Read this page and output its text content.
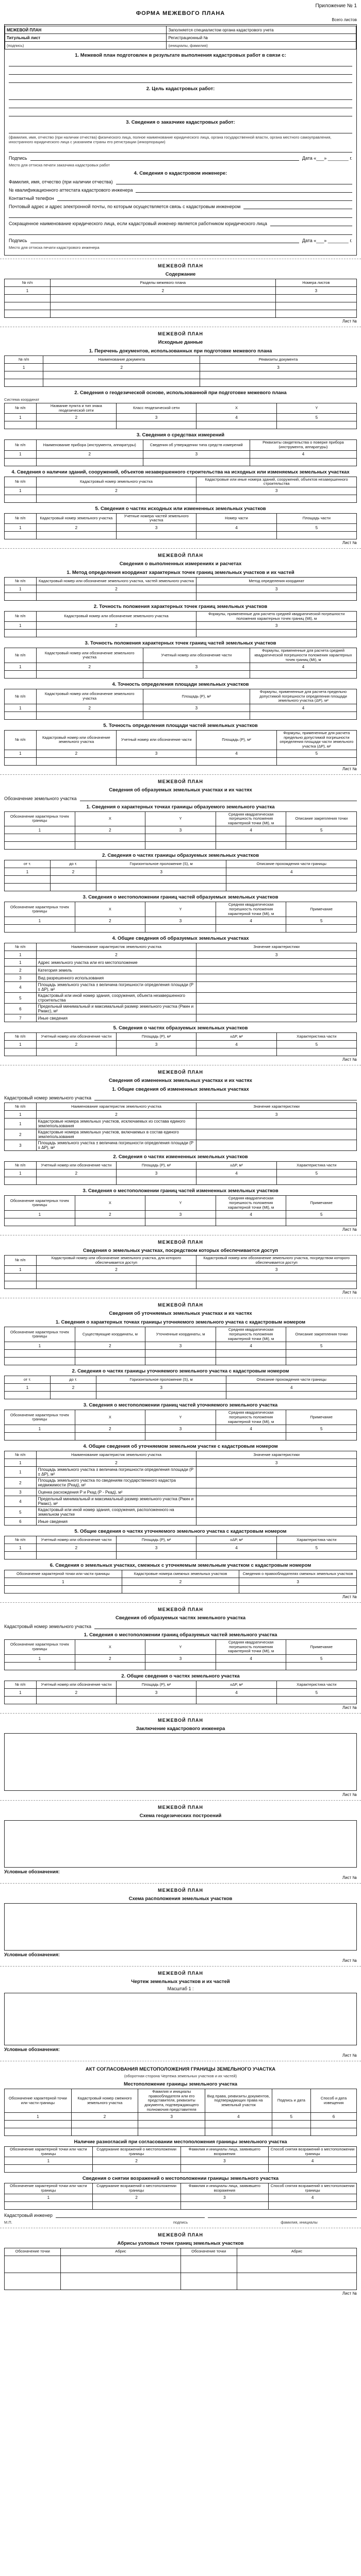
Приложение № 1
ФОРМА МЕЖЕВОГО ПЛАНА
Всего листов
МЕЖЕВОЙ ПЛАН	Заполняется специалистом органа кадастрового учета
Титульный лист	Регистрационный №
(подпись)	(инициалы, фамилия)
1. Межевой план подготовлен в результате выполнения кадастровых работ в связи с:
2. Цель кадастровых работ:
3. Сведения о заказчике кадастровых работ:
(фамилия, имя, отчество (при наличии отчества) физического лица, полное наименование юридического лица, органа государственной власти, органа местного самоуправления, иностранного юридического лица с указанием страны его регистрации (инкорпорации)
Подпись	Дата «___» ________ г.
Место для оттиска печати заказчика кадастровых работ
4. Сведения о кадастровом инженере:
Фамилия, имя, отчество (при наличии отчества)
№ квалификационного аттестата кадастрового инженера
Контактный телефон
Почтовый адрес и адрес электронной почты, по которым осуществляется связь с кадастровым инженером
Сокращенное наименование юридического лица, если кадастровый инженер является работником юридического лица
Подпись	Дата «___» ________ г.
Место для оттиска печати кадастрового инженера
МЕЖЕВОЙ ПЛАН
Содержание
№ п/п	Разделы межевого плана	Номера листов
1	2	3

Лист №
МЕЖЕВОЙ ПЛАН
Исходные данные
1. Перечень документов, использованных при подготовке межевого плана
№ п/п	Наименование документа	Реквизиты документа
1	2	3

2. Сведения о геодезической основе, использованной при подготовке межевого плана
Система координат
№ п/п	Название пункта и тип знака геодезической сети	Класс геодезической сети	X	Y
1	2	3	4	5

3. Сведения о средствах измерений
№ п/п	Наименование прибора (инструмента, аппаратуры)	Сведения об утверждении типа средств измерений	Реквизиты свидетельства о поверке прибора (инструмента, аппаратуры)
1	2	3	4

4. Сведения о наличии зданий, сооружений, объектов незавершенного строительства на исходных или изменяемых земельных участках
№ п/п	Кадастровый номер земельного участка	Кадастровые или иные номера зданий, сооружений, объектов незавершенного строительства
1	2	3

5. Сведения о частях исходных или измененных земельных участков
№ п/п	Кадастровый номер земельного участка	Учетные номера частей земельного участка	Номер части	Площадь части
1	2	3	4	5

Лист №
МЕЖЕВОЙ ПЛАН
Сведения о выполненных измерениях и расчетах
1. Метод определения координат характерных точек границ земельных участков и их частей
№ п/п	Кадастровый номер или обозначение земельного участка, частей земельного участка	Метод определения координат
1	2	3

2. Точность положения характерных точек границ земельных участков
№ п/п	Кадастровый номер или обозначение земельного участка	Формулы, примененные для расчета средней квадратической погрешности положения характерных точек границ (Mt), м
1	2	3

3. Точность положения характерных точек границ частей земельных участков
№ п/п	Кадастровый номер или обозначение земельного участка	Учетный номер или обозначение части	Формулы, примененные для расчета средней квадратической погрешности положения характерных точек границ (Mt), м
1	2	3	4

4. Точность определения площади земельных участков
№ п/п	Кадастровый номер или обозначение земельного участка	Площадь (P), м²	Формулы, примененные для расчета предельно допустимой погрешности определения площади земельного участка (ΔP), м²
1	2	3	4

5. Точность определения площади частей земельных участков
№ п/п	Кадастровый номер или обозначение земельного участка	Учетный номер или обозначение части	Площадь (P), м²	Формулы, примененные для расчета предельно допустимой погрешности определения площади части земельного участка (ΔP), м²
1	2	3	4	5

Лист №
МЕЖЕВОЙ ПЛАН
Сведения об образуемых земельных участках и их частях
Обозначение земельного участка
1. Сведения о характерных точках границы образуемого земельного участка
Обозначение характерных точек границы	X	Y	Средняя квадратическая погрешность положения характерной точки (Mt), м	Описание закрепления точки
1	2	3	4	5

2. Сведения о частях границы образуемых земельных участков
от т.	до т.	Горизонтальное проложение (S), м	Описание прохождения части границы
1	2	3	4

3. Сведения о местоположении границ частей образуемых земельных участков
Обозначение характерных точек границы	X	Y	Средняя квадратическая погрешность положения характерной точки (Mt), м	Примечание
1	2	3	4	5

4. Общие сведения об образуемых земельных участках
№ п/п	Наименование характеристик земельного участка	Значение характеристики
1	2	3
1	Адрес земельного участка или его местоположение	
2	Категория земель	
3	Вид разрешенного использования	
4	Площадь земельного участка ± величина погрешности определения площади (P ± ΔP), м²	
5	Кадастровый или иной номер здания, сооружения, объекта незавершенного строительства	
6	Предельный минимальный и максимальный размер земельного участка (Pмин и Pмакс), м²	
7	Иные сведения	
5. Сведения о частях образуемых земельных участков
№ п/п	Учетный номер или обозначение части	Площадь (P), м²	±ΔP, м²	Характеристика части
1	2	3	4	5

Лист №
МЕЖЕВОЙ ПЛАН
Сведения об измененных земельных участках и их частях
1. Общие сведения об измененных земельных участках
Кадастровый номер земельного участка
№ п/п	Наименование характеристик земельного участка	Значение характеристики
1	2	3
1	Кадастровые номера земельных участков, исключаемых из состава единого землепользования	
2	Кадастровые номера земельных участков, включаемых в состав единого землепользования	
3	Площадь земельного участка ± величина погрешности определения площади (P ± ΔP), м²	
2. Сведения о частях измененных земельных участков
№ п/п	Учетный номер или обозначение части	Площадь (P), м²	±ΔP, м²	Характеристика части
1	2	3	4	5

3. Сведения о местоположении границ частей измененных земельных участков
Обозначение характерных точек границы	X	Y	Средняя квадратическая погрешность положения характерной точки (Mt), м	Примечание
1	2	3	4	5

Лист №
МЕЖЕВОЙ ПЛАН
Сведения о земельных участках, посредством которых обеспечивается доступ
№ п/п	Кадастровый номер или обозначение земельного участка, для которого обеспечивается доступ	Кадастровый номер или обозначение земельного участка, посредством которого обеспечивается доступ
1	2	3

Лист №
МЕЖЕВОЙ ПЛАН
Сведения об уточняемых земельных участках и их частях
1. Сведения о характерных точках границы уточняемого земельного участка с кадастровым номером
Обозначение характерных точек границы	Существующие координаты, м	Уточненные координаты, м	Средняя квадратическая погрешность положения характерной точки (Mt), м	Описание закрепления точки
1	2	3	4	5

2. Сведения о частях границы уточняемого земельного участка с кадастровым номером
от т.	до т.	Горизонтальное проложение (S), м	Описание прохождения части границы
1	2	3	4

3. Сведения о местоположении границ частей уточняемого земельного участка
Обозначение характерных точек границы	X	Y	Средняя квадратическая погрешность положения характерной точки (Mt), м	Примечание
1	2	3	4	5

4. Общие сведения об уточняемом земельном участке с кадастровым номером
№ п/п	Наименование характеристик земельного участка	Значение характеристики
1	2	3
1	Площадь земельного участка ± величина погрешности определения площади (P ± ΔP), м²	
2	Площадь земельного участка по сведениям государственного кадастра недвижимости (Pкад), м²	
3	Оценка расхождения P и Pкад (P - Pкад), м²	
4	Предельный минимальный и максимальный размер земельного участка (Pмин и Pмакс), м²	
5	Кадастровый или иной номер здания, сооружения, расположенного на земельном участке	
6	Иные сведения	
5. Общие сведения о частях уточняемого земельного участка с кадастровым номером
№ п/п	Учетный номер или обозначение части	Площадь (P), м²	±ΔP, м²	Характеристика части
1	2	3	4	5

6. Сведения о земельных участках, смежных с уточняемым земельным участком с кадастровым номером
Обозначение характерной точки или части границы	Кадастровые номера смежных земельных участков	Сведения о правообладателях смежных земельных участков
1	2	3

Лист №
МЕЖЕВОЙ ПЛАН
Сведения об образуемых частях земельного участка
Кадастровый номер земельного участка
1. Сведения о местоположении границ образуемых частей земельного участка
Обозначение характерных точек границы	X	Y	Средняя квадратическая погрешность положения характерной точки (Mt), м	Примечание
1	2	3	4	5

2. Общие сведения о частях земельного участка
№ п/п	Учетный номер или обозначение части	Площадь (P), м²	±ΔP, м²	Характеристика части
1	2	3	4	5

Лист №
МЕЖЕВОЙ ПЛАН
Заключение кадастрового инженера
Лист №
МЕЖЕВОЙ ПЛАН
Схема геодезических построений
Условные обозначения:
Лист №
МЕЖЕВОЙ ПЛАН
Схема расположения земельных участков
Условные обозначения:
Лист №
МЕЖЕВОЙ ПЛАН
Чертеж земельных участков и их частей
Масштаб 1 :
Условные обозначения:
Лист №
АКТ СОГЛАСОВАНИЯ МЕСТОПОЛОЖЕНИЯ ГРАНИЦЫ ЗЕМЕЛЬНОГО УЧАСТКА
(оборотная сторона Чертежа земельных участков и их частей)
Местоположение границы земельного участка
Обозначение характерной точки или части границы	Кадастровый номер смежного земельного участка	Фамилия и инициалы правообладателя или его представителя, реквизиты документа, подтверждающего полномочия представителя	Вид права, реквизиты документов, подтверждающих права на земельный участок	Подпись и дата	Способ и дата извещения
1	2	3	4	5	6

Наличие разногласий при согласовании местоположения границы земельного участка
Обозначение характерной точки или части границы	Содержание возражений о местоположении границы	Фамилия и инициалы лица, заявившего возражения	Способ снятия возражений о местоположении границы
1	2	3	4

Сведения о снятии возражений о местоположении границы земельного участка
Обозначение характерной точки или части границы	Содержание возражений о местоположении границы	Фамилия и инициалы лица, заявившего возражения	Способ снятия возражений о местоположении границы
1	2	3	4

Кадастровый инженер
М.П.	подпись	фамилия, инициалы
МЕЖЕВОЙ ПЛАН
Абрисы узловых точек границ земельных участков
Обозначение точки	Абрис	Обозначение точки	Абрис

Лист №
